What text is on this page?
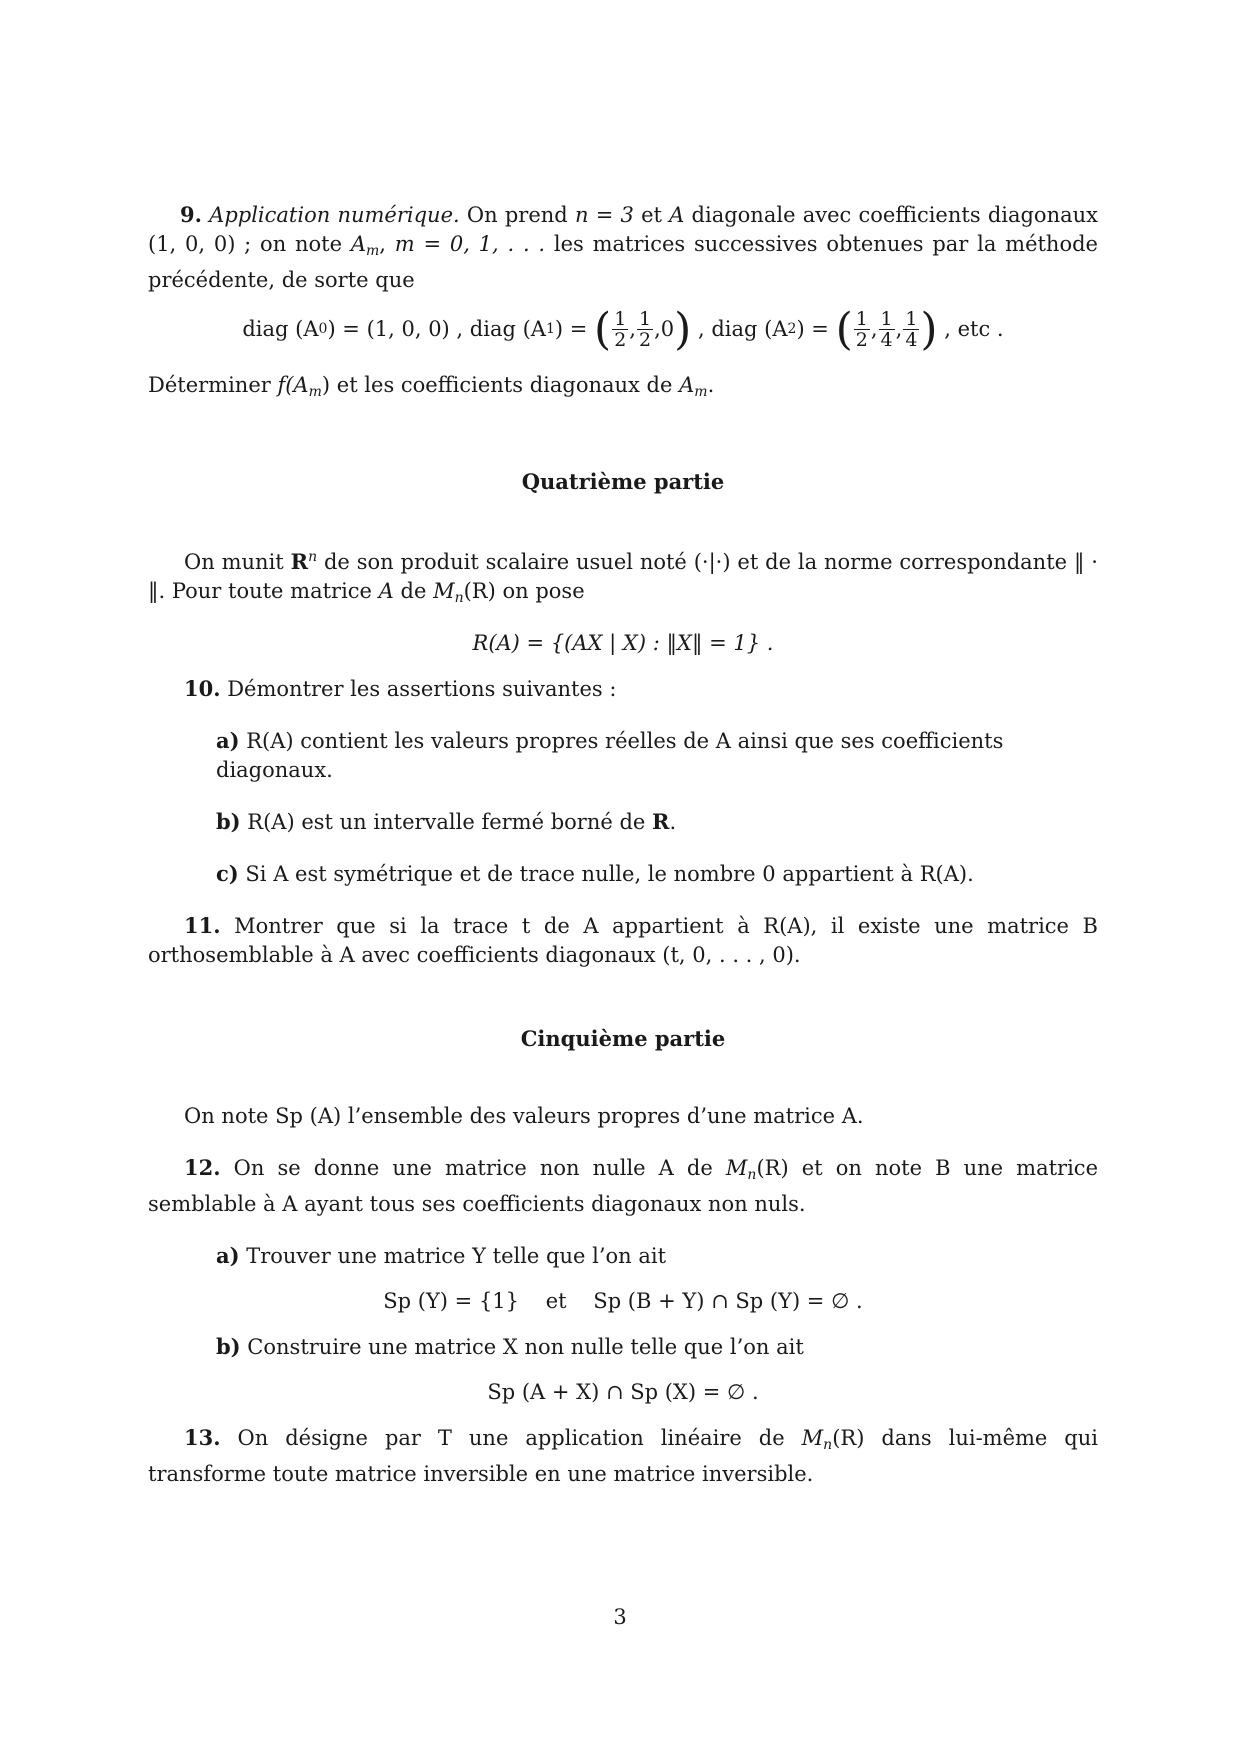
9. Application numérique. On prend n = 3 et A diagonale avec coefficients diagonaux (1, 0, 0) ; on note $A_m$, m = 0, 1, . . . les matrices successives obtenues par la méthode précédente, de sorte que
diag (A 0 ) = (1, 0, 0) ,
diag (A 1 ) =
( $\frac{1}{2}$ , $\frac{1}{2}$ , 0 )
, diag (A 2 ) =
( $\frac{1}{2}$ , $\frac{1}{4}$ , $\frac{1}{4}$ )
, etc .
Déterminer $f(A_m)$ et les coefficients diagonaux de $A_m$.
Quatrième partie
On munit $R^n$ de son produit scalaire usuel noté (·|·) et de la norme correspondante ‖ · ‖. Pour toute matrice A de $M_n(R)$ on pose
R(A) = {(AX | X) : ‖X‖ = 1} .
10. Démontrer les assertions suivantes :
a) R(A) contient les valeurs propres réelles de A ainsi que ses coefficients diagonaux.
b) R(A) est un intervalle fermé borné de R.
c) Si A est symétrique et de trace nulle, le nombre 0 appartient à R(A).
11. Montrer que si la trace t de A appartient à R(A), il existe une matrice B orthosemblable à A avec coefficients diagonaux (t, 0, . . . , 0).
Cinquième partie
On note Sp (A) l’ensemble des valeurs propres d’une matrice A.
12. On se donne une matrice non nulle A de $M_n(R)$ et on note B une matrice semblable à A ayant tous ses coefficients diagonaux non nuls.
a) Trouver une matrice Y telle que l’on ait
Sp (Y) = {1}    et    Sp (B + Y) ∩ Sp (Y) = ∅ .
b) Construire une matrice X non nulle telle que l’on ait
Sp (A + X) ∩ Sp (X) = ∅ .
13. On désigne par T une application linéaire de $M_n(R)$ dans lui-même qui transforme toute matrice inversible en une matrice inversible.
3
